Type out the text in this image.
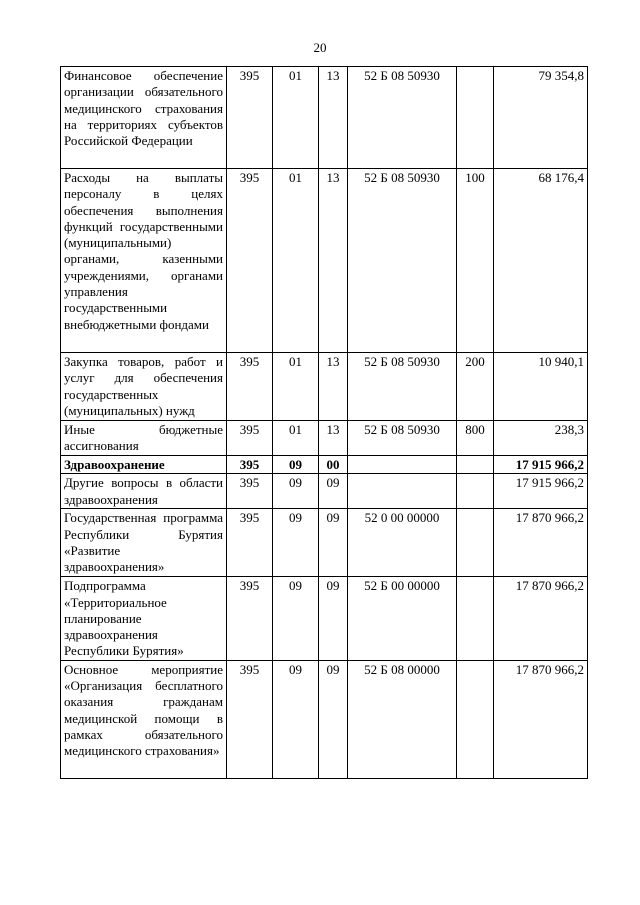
20
Финансовое обеспечение организации обязательного медицинского страхования на территориях субъектов Российской Федерации	395	01	13	52 Б 08 50930		79 354,8
Расходы на выплаты персоналу в целях обеспечения выполнения функций государственными (муниципальными) органами, казенными учреждениями, органами управления государственными внебюджетными фондами	395	01	13	52 Б 08 50930	100	68 176,4
Закупка товаров, работ и услуг для обеспечения государственных (муниципальных) нужд	395	01	13	52 Б 08 50930	200	10 940,1
Иные бюджетные ассигнования	395	01	13	52 Б 08 50930	800	238,3
Здравоохранение	395	09	00			17 915 966,2
Другие вопросы в области здравоохранения	395	09	09			17 915 966,2
Государственная программа Республики Бурятия «Развитие здравоохранения»	395	09	09	52 0 00 00000		17 870 966,2
Подпрограмма «Территориальное планирование здравоохранения Республики Бурятия»	395	09	09	52 Б 00 00000		17 870 966,2
Основное мероприятие «Организация бесплатного оказания гражданам медицинской помощи в рамках обязательного медицинского страхования»	395	09	09	52 Б 08 00000		17 870 966,2
